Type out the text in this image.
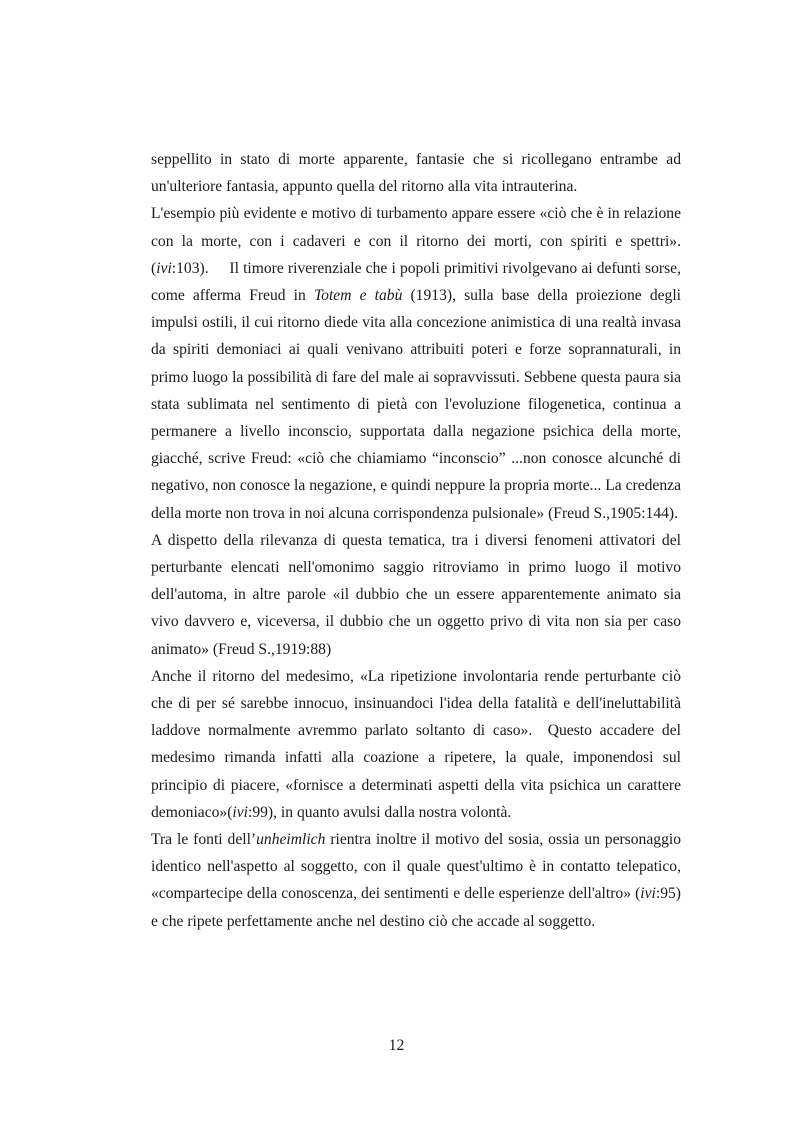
seppellito in stato di morte apparente, fantasie che si ricollegano entrambe ad un'ulteriore fantasia, appunto quella del ritorno alla vita intrauterina.

L'esempio più evidente e motivo di turbamento appare essere «ciò che è in relazione con la morte, con i cadaveri e con il ritorno dei morti, con spiriti e spettri».(ivi:103).     Il timore riverenziale che i popoli primitivi rivolgevano ai defunti sorse, come afferma Freud in Totem e tabù (1913), sulla base della proiezione degli impulsi ostili, il cui ritorno diede vita alla concezione animistica di una realtà invasa da spiriti demoniaci ai quali venivano attribuiti poteri e forze soprannaturali, in primo luogo la possibilità di fare del male ai sopravvissuti. Sebbene questa paura sia stata sublimata nel sentimento di pietà con l'evoluzione filogenetica, continua a permanere a livello inconscio, supportata dalla negazione psichica della morte, giacché, scrive Freud: «ciò che chiamiamo “inconscio” ...non conosce alcunché di negativo, non conosce la negazione, e quindi neppure la propria morte... La credenza della morte non trova in noi alcuna corrispondenza pulsionale» (Freud S.,1905:144).

A dispetto della rilevanza di questa tematica, tra i diversi fenomeni attivatori del perturbante elencati nell'omonimo saggio ritroviamo in primo luogo il motivo dell'automa, in altre parole «il dubbio che un essere apparentemente animato sia vivo davvero e, viceversa, il dubbio che un oggetto privo di vita non sia per caso animato» (Freud S.,1919:88)

Anche il ritorno del medesimo, «La ripetizione involontaria rende perturbante ciò che di per sé sarebbe innocuo, insinuandoci l'idea della fatalità e dell'ineluttabilità laddove normalmente avremmo parlato soltanto di caso».  Questo accadere del medesimo rimanda infatti alla coazione a ripetere, la quale, imponendosi sul principio di piacere, «fornisce a determinati aspetti della vita psichica un carattere demoniaco»(ivi:99), in quanto avulsi dalla nostra volontà.

Tra le fonti dell’unheimlich rientra inoltre il motivo del sosia, ossia un personaggio identico nell'aspetto al soggetto, con il quale quest'ultimo è in contatto telepatico, «compartecipe della conoscenza, dei sentimenti e delle esperienze dell'altro» (ivi:95) e che ripete perfettamente anche nel destino ciò che accade al soggetto.

12
